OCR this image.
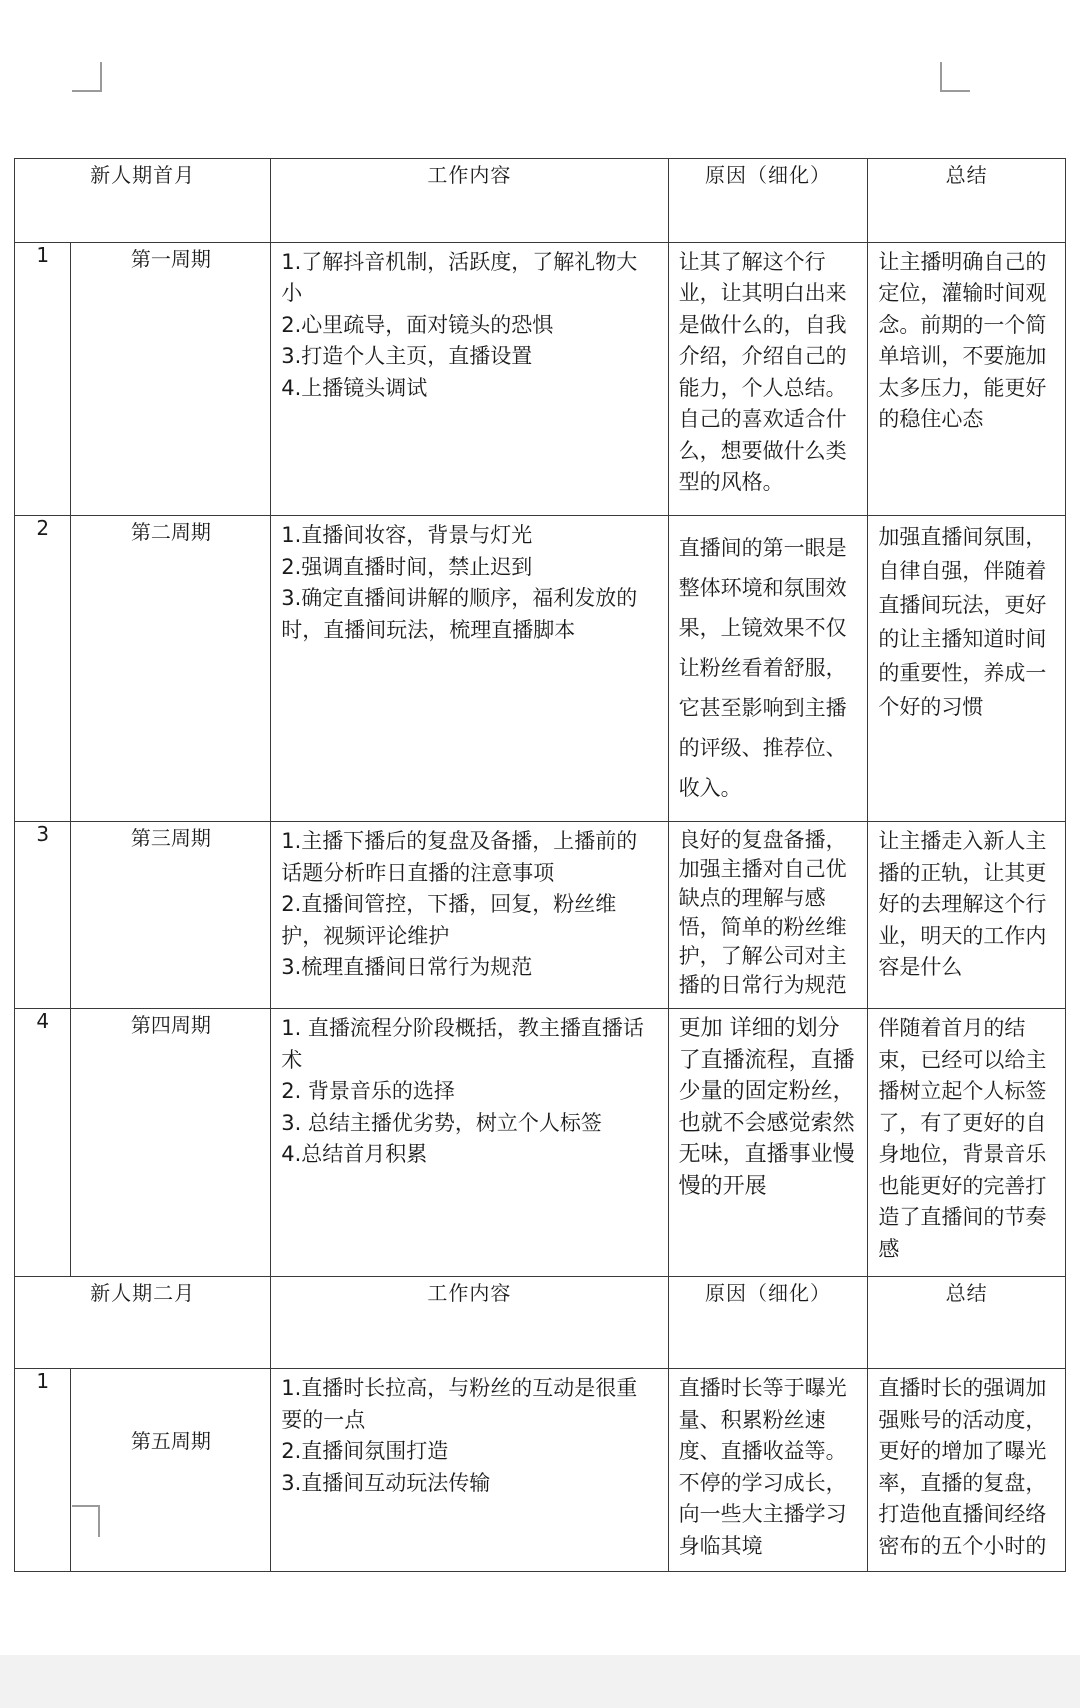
新人期首月		工作内容	原因（细化）	总结
1	第一周期	1.了解抖音机制，活跃度，了解礼物大小

2.心里疏导，面对镜头的恐惧

3.打造个人主页，直播设置

4.上播镜头调试	让其了解这个行业，让其明白出来是做什么的，自我介绍，介绍自己的能力，个人总结。自己的喜欢适合什么，想要做什么类型的风格。	让主播明确自己的定位，灌输时间观念。前期的一个简单培训，不要施加太多压力，能更好的稳住心态

2	第二周期	1.直播间妆容，背景与灯光

2.强调直播时间，禁止迟到

3.确定直播间讲解的顺序，福利发放的时，直播间玩法，梳理直播脚本	直播间的第一眼是整体环境和氛围效果，上镜效果不仅让粉丝看着舒服，它甚至影响到主播的评级、推荐位、收入。	加强直播间氛围，自律自强，伴随着直播间玩法，更好的让主播知道时间的重要性，养成一个好的习惯

3	第三周期	1.主播下播后的复盘及备播，上播前的话题分析昨日直播的注意事项

2.直播间管控，下播，回复，粉丝维护，视频评论维护

3.梳理直播间日常行为规范	良好的复盘备播，加强主播对自己优缺点的理解与感悟，简单的粉丝维护，了解公司对主播的日常行为规范	让主播走入新人主播的正轨，让其更好的去理解这个行业，明天的工作内容是什么

4	第四周期	1. 直播流程分阶段概括，教主播直播话术

2. 背景音乐的选择

3. 总结主播优劣势，树立个人标签

4.总结首月积累	更加 详细的划分了直播流程，直播少量的固定粉丝，也就不会感觉索然无味，直播事业慢慢的开展	伴随着首月的结束，已经可以给主播树立起个人标签了，有了更好的自身地位，背景音乐也能更好的完善打造了直播间的节奏感

新人期二月		工作内容	原因（细化）	总结
1	第五周期	1.直播时长拉高，与粉丝的互动是很重要的一点

2.直播间氛围打造

3.直播间互动玩法传输	直播时长等于曝光量、积累粉丝速度、直播收益等。不停的学习成长，向一些大主播学习身临其境	直播时长的强调加强账号的活动度，更好的增加了曝光率，直播的复盘，打造他直播间经络密布的五个小时的
